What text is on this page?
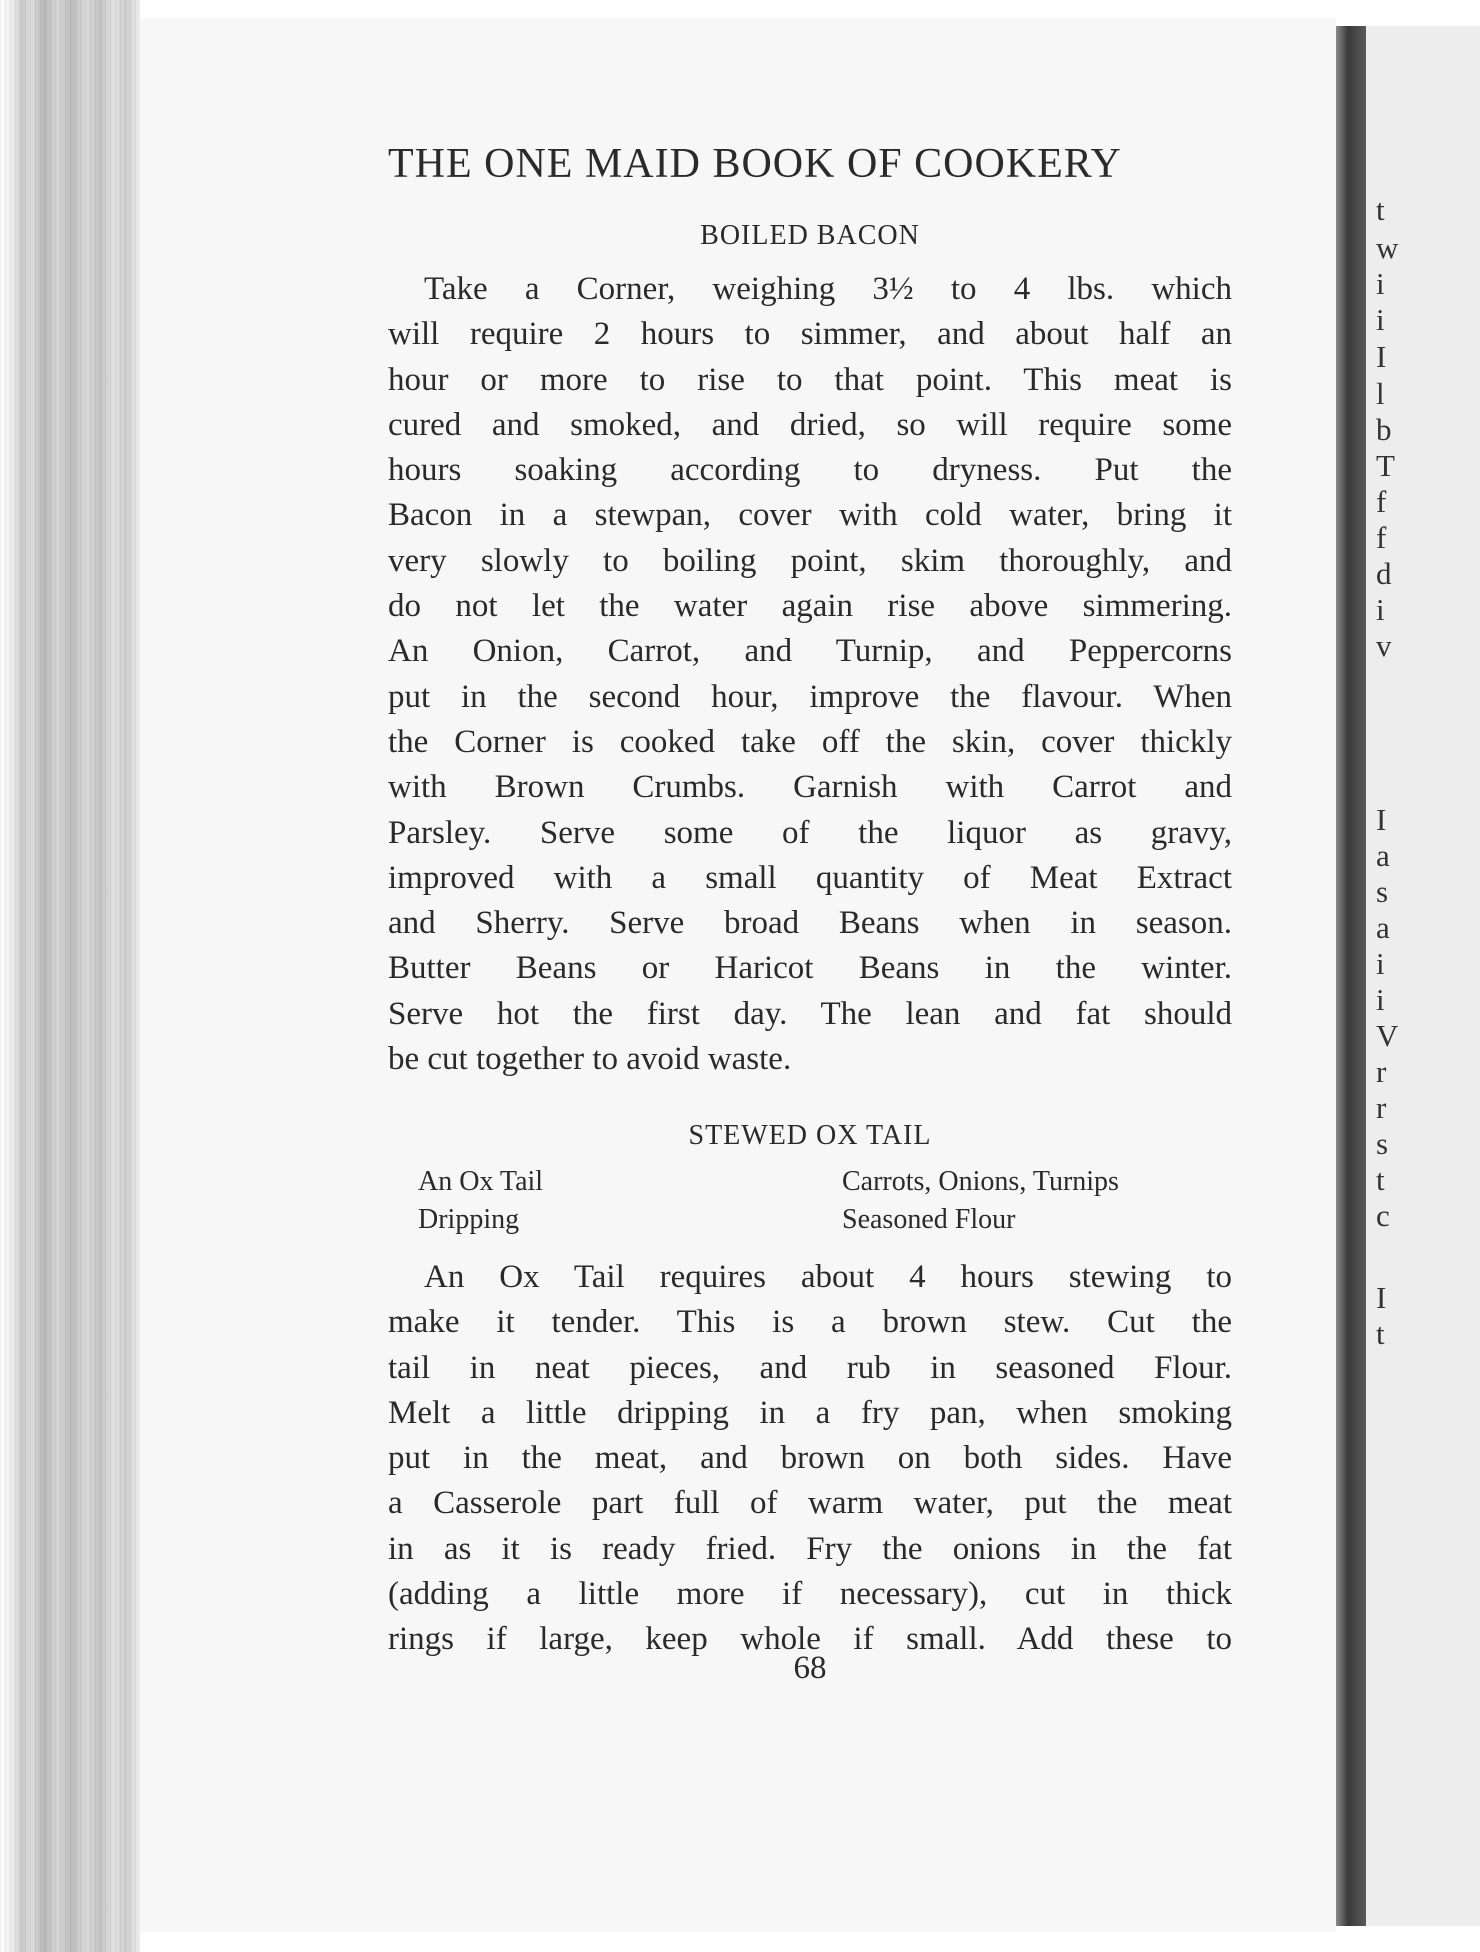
t
w
i
i
I
l
b
T
f
f
d
i
v
I
a
s
a
i
i
V
r
r
s
t
c
I
t
THE ONE MAID BOOK OF COOKERY
BOILED BACON
Take a Corner, weighing 3½ to 4 lbs. which
will require 2 hours to simmer, and about half an
hour or more to rise to that point. This meat is
cured and smoked, and dried, so will require some
hours soaking according to dryness. Put the
Bacon in a stewpan, cover with cold water, bring it
very slowly to boiling point, skim thoroughly, and
do not let the water again rise above simmering.
An Onion, Carrot, and Turnip, and Peppercorns
put in the second hour, improve the flavour. When
the Corner is cooked take off the skin, cover thickly
with Brown Crumbs. Garnish with Carrot and
Parsley. Serve some of the liquor as gravy,
improved with a small quantity of Meat Extract
and Sherry. Serve broad Beans when in season.
Butter Beans or Haricot Beans in the winter.
Serve hot the first day. The lean and fat should
be cut together to avoid waste.
STEWED OX TAIL
An Ox Tail
Dripping
Carrots, Onions, Turnips
Seasoned Flour
An Ox Tail requires about 4 hours stewing to
make it tender. This is a brown stew. Cut the
tail in neat pieces, and rub in seasoned Flour.
Melt a little dripping in a fry pan, when smoking
put in the meat, and brown on both sides. Have
a Casserole part full of warm water, put the meat
in as it is ready fried. Fry the onions in the fat
(adding a little more if necessary), cut in thick
rings if large, keep whole if small. Add these to
68
